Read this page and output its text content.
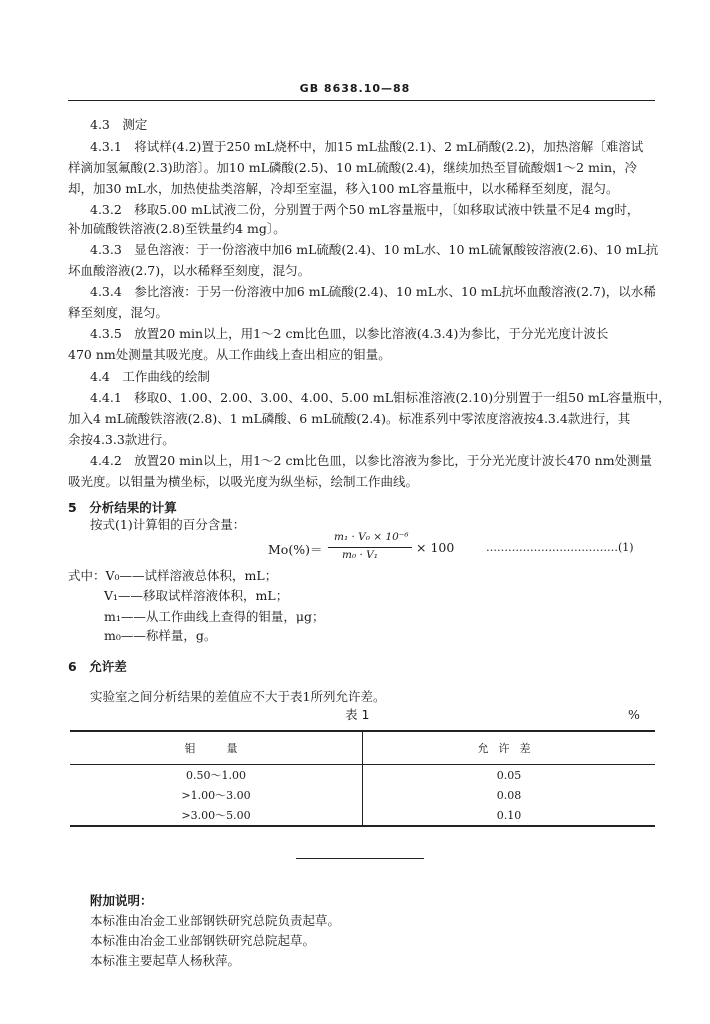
GB 8638.10—88
4.3　测定
4.3.1　将试样(4.2)置于250 mL烧杯中，加15 mL盐酸(2.1)、2 mL硝酸(2.2)，加热溶解〔难溶试
样滴加氢氟酸(2.3)助溶〕。加10 mL磷酸(2.5)、10 mL硫酸(2.4)，继续加热至冒硫酸烟1～2 min，冷
却，加30 mL水，加热使盐类溶解，冷却至室温，移入100 mL容量瓶中，以水稀释至刻度，混匀。
4.3.2　移取5.00 mL试液二份，分别置于两个50 mL容量瓶中，〔如移取试液中铁量不足4 mg时，
补加硫酸铁溶液(2.8)至铁量约4 mg〕。
4.3.3　显色溶液：于一份溶液中加6 mL硫酸(2.4)、10 mL水、10 mL硫氰酸铵溶液(2.6)、10 mL抗
坏血酸溶液(2.7)，以水稀释至刻度，混匀。
4.3.4　参比溶液：于另一份溶液中加6 mL硫酸(2.4)、10 mL水、10 mL抗坏血酸溶液(2.7)，以水稀
释至刻度，混匀。
4.3.5　放置20 min以上，用1～2 cm比色皿，以参比溶液(4.3.4)为参比，于分光光度计波长
470 nm处测量其吸光度。从工作曲线上查出相应的钼量。
4.4　工作曲线的绘制
4.4.1　移取0、1.00、2.00、3.00、4.00、5.00 mL钼标准溶液(2.10)分别置于一组50 mL容量瓶中，
加入4 mL硫酸铁溶液(2.8)、1 mL磷酸、6 mL硫酸(2.4)。标准系列中零浓度溶液按4.3.4款进行，其
余按4.3.3款进行。
4.4.2　放置20 min以上，用1～2 cm比色皿，以参比溶液为参比，于分光光度计波长470 nm处测量
吸光度。以钼量为横坐标，以吸光度为纵坐标，绘制工作曲线。
5　分析结果的计算
按式(1)计算钼的百分含量：
Mo(%)＝
m₁ · V₀ × 10⁻⁶
m₀ · V₁	× 100	………………………………(1)
式中：V₀——试样溶液总体积，mL；
V₁——移取试样溶液体积，mL；
m₁——从工作曲线上查得的钼量，μg；
m₀——称样量，g。
6　允许差
实验室之间分析结果的差值应不大于表1所列允许差。
表 1	%
钼　量	允许差
0.50～1.00	0.05
>1.00～3.00	0.08
>3.00～5.00	0.10
附加说明：
本标准由冶金工业部钢铁研究总院负责起草。
本标准由冶金工业部钢铁研究总院起草。
本标准主要起草人杨秋萍。
